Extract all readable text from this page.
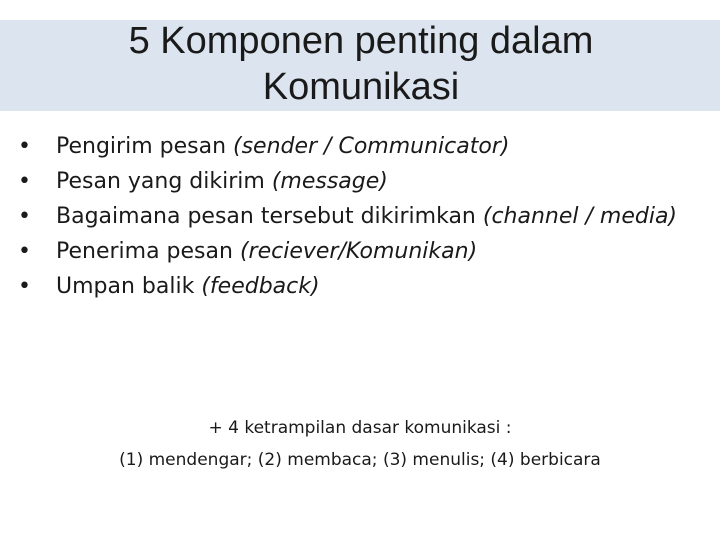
5 Komponen penting dalam
Komunikasi
• Pengirim pesan (sender / Communicator)
• Pesan yang dikirim (message)
• Bagaimana pesan tersebut dikirimkan (channel / media)
• Penerima pesan (reciever/Komunikan)
• Umpan balik (feedback)
+ 4 ketrampilan dasar komunikasi :
(1) mendengar; (2) membaca; (3) menulis; (4) berbicara
